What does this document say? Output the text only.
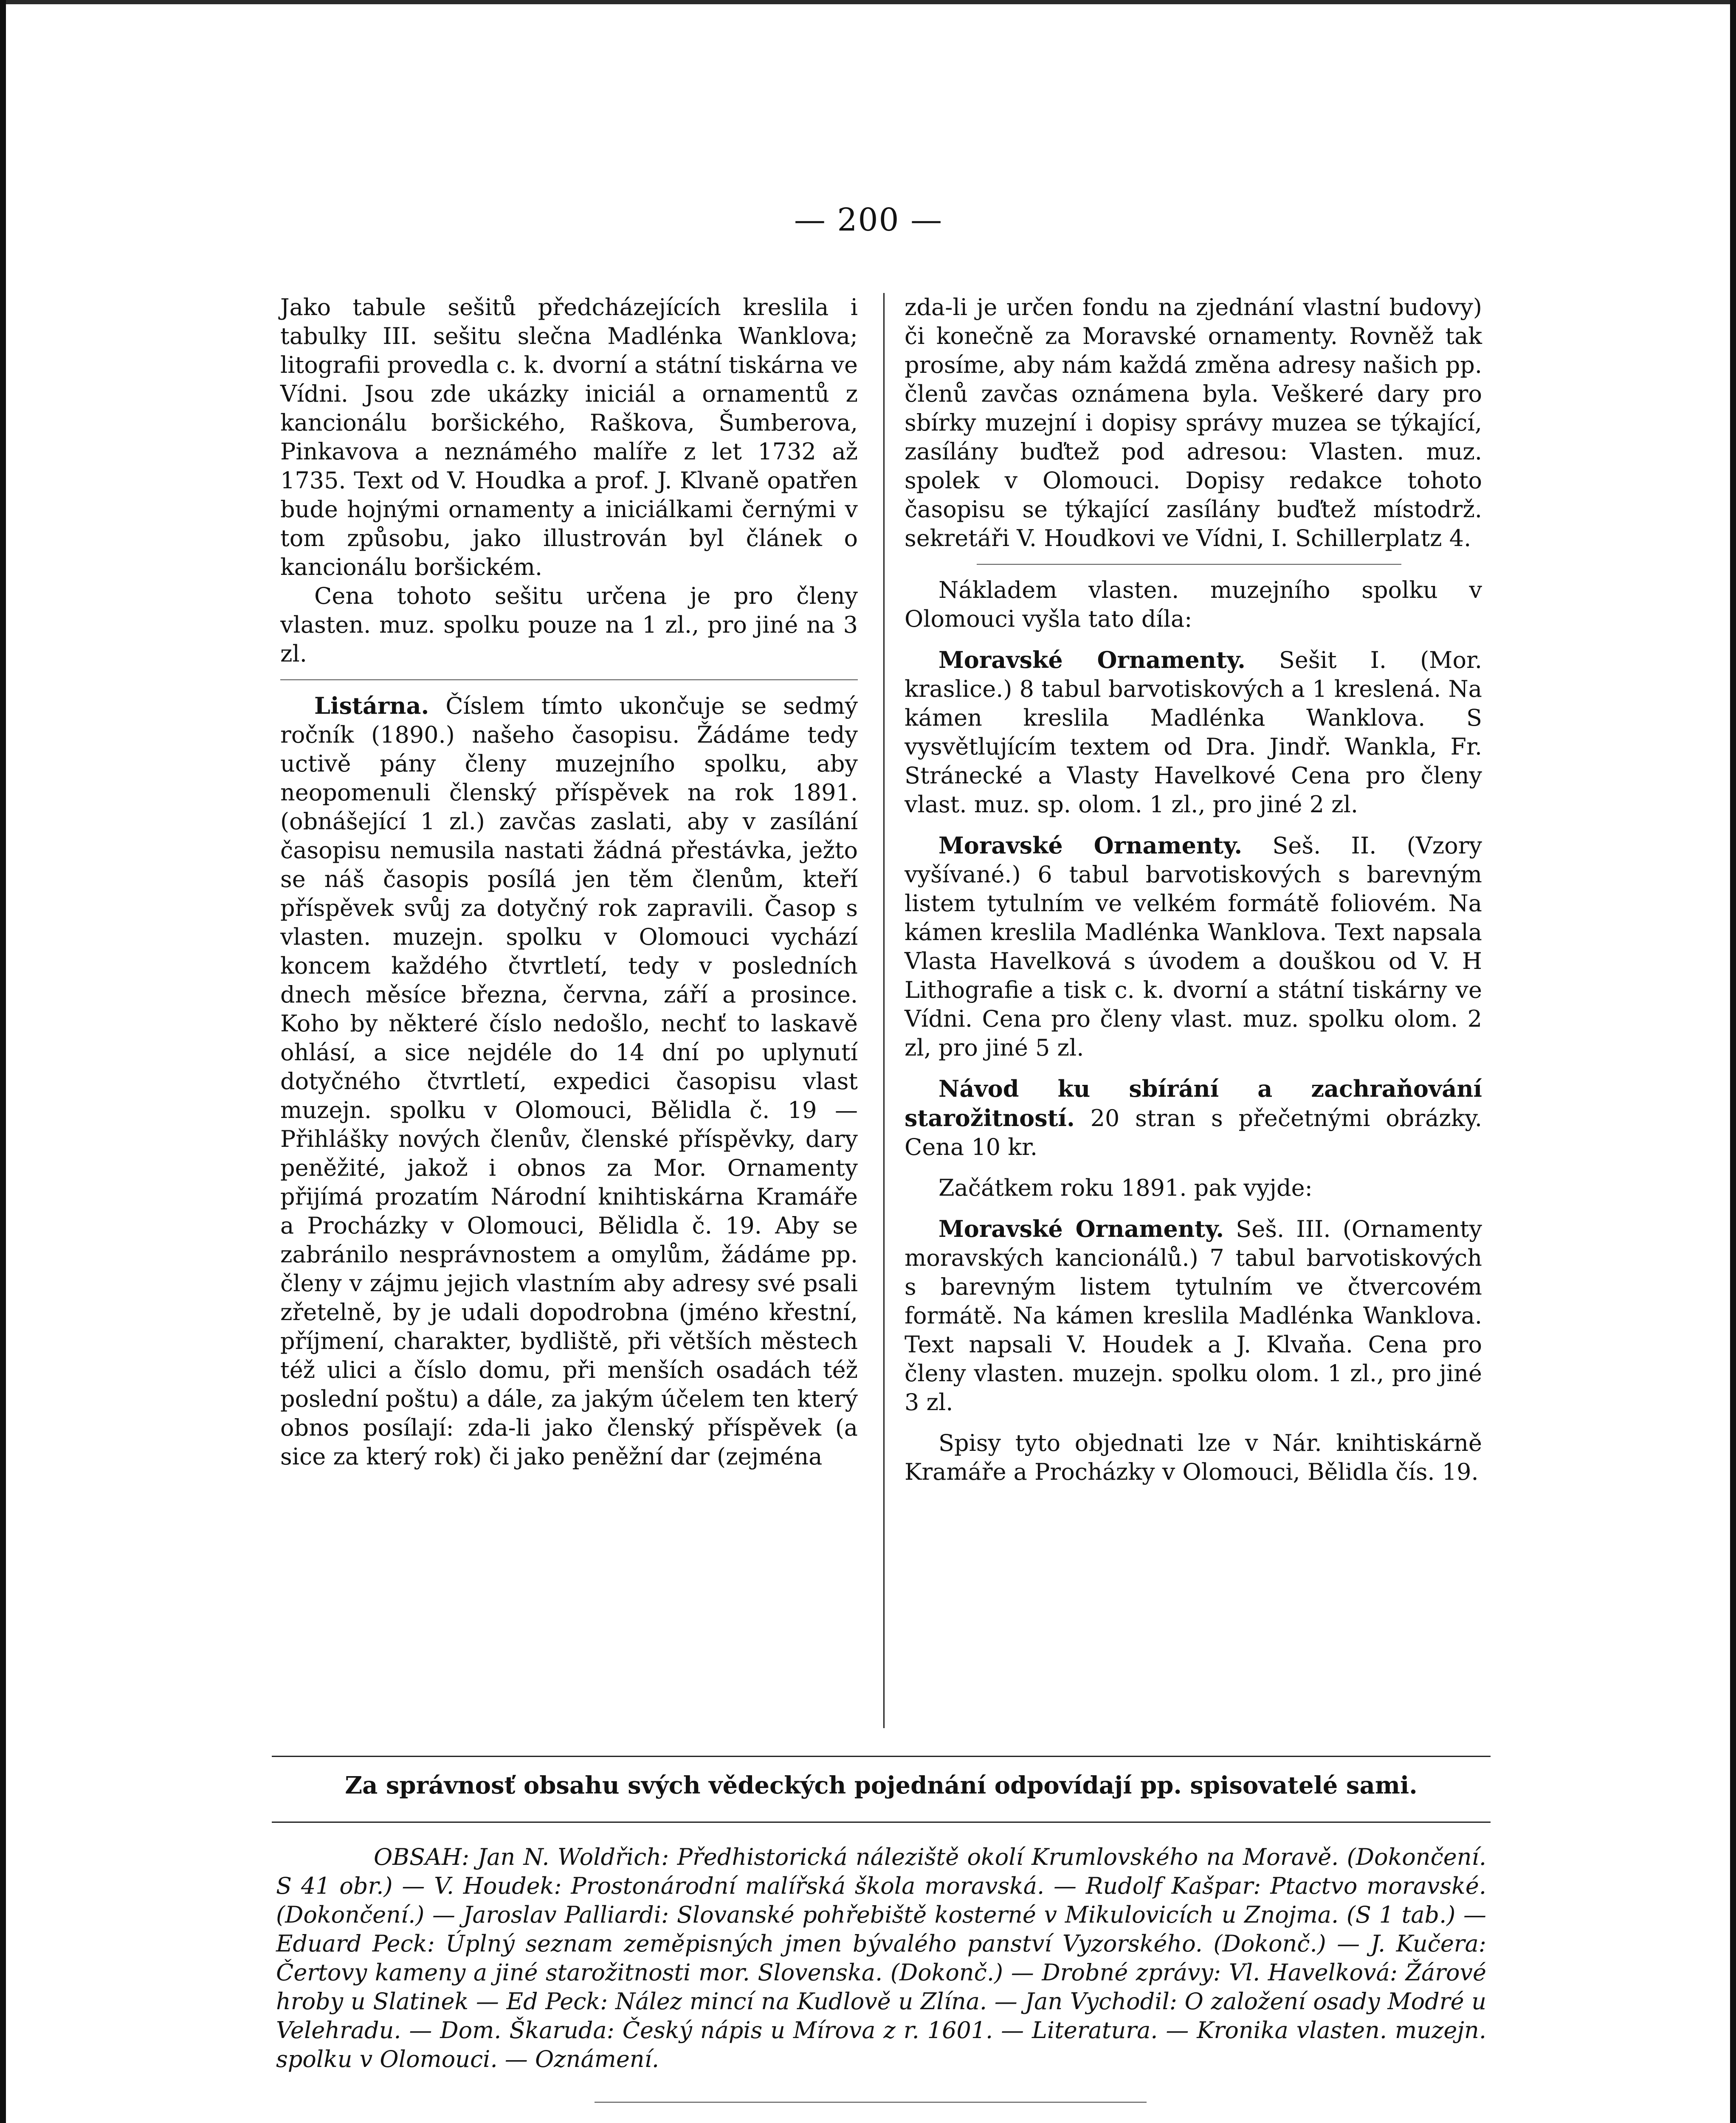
— 200 —

Jako tabule sešitů předcházejících kreslila i tabulky III. sešitu slečna Madlénka Wanklova; litografii provedla c. k. dvorní a státní tiskárna ve Vídni. Jsou zde ukázky iniciál a ornamentů z kancionálu boršického, Raškova, Šumberova, Pinkavova a neznámého malíře z let 1732 až 1735. Text od V. Houdka a prof. J. Klvaně opatřen bude hojnými ornamenty a iniciálkami černými v tom způsobu, jako illustrován byl článek o kancionálu boršickém.

Cena tohoto sešitu určena je pro členy vlasten. muz. spolku pouze na 1 zl., pro jiné na 3 zl.

Listárna. Číslem tímto ukončuje se sedmý ročník (1890.) našeho časopisu. Žádáme tedy uctivě pány členy muzejního spolku, aby neopomenuli členský příspěvek na rok 1891. (obnášející 1 zl.) zavčas zaslati, aby v zasílání časopisu nemusila nastati žádná přestávka, ježto se náš časopis posílá jen těm členům, kteří příspěvek svůj za dotyčný rok zapravili. Časop s vlasten. muzejn. spolku v Olomouci vychází koncem každého čtvrtletí, tedy v posledních dnech měsíce března, června, září a prosince. Koho by některé číslo nedošlo, nechť to laskavě ohlásí, a sice nejdéle do 14 dní po uplynutí dotyčného čtvrtletí, expedici časopisu vlast muzejn. spolku v Olomouci, Bělidla č. 19 — Přihlášky nových členův, členské příspěvky, dary peněžité, jakož i obnos za Mor. Ornamenty přijímá prozatím Národní knihtiskárna Kramáře a Procházky v Olomouci, Bělidla č. 19. Aby se zabránilo nesprávnostem a omylům, žádáme pp. členy v zájmu jejich vlastním aby adresy své psali zřetelně, by je udali dopodrobna (jméno křestní, příjmení, charakter, bydliště, při větších městech též ulici a číslo domu, při menších osadách též poslední poštu) a dále, za jakým účelem ten který obnos posílají: zda-li jako členský příspěvek (a sice za který rok) či jako peněžní dar (zejména

zda-li je určen fondu na zjednání vlastní budovy) či konečně za Moravské ornamenty. Rovněž tak prosíme, aby nám každá změna adresy našich pp. členů zavčas oznámena byla. Veškeré dary pro sbírky muzejní i dopisy správy muzea se týkající, zasílány buďtež pod adresou: Vlasten. muz. spolek v Olomouci. Dopisy redakce tohoto časopisu se týkající zasílány buďtež místodrž. sekretáři V. Houdkovi ve Vídni, I. Schillerplatz 4.

Nákladem vlasten. muzejního spolku v Olomouci vyšla tato díla:

Moravské Ornamenty. Sešit I. (Mor. kraslice.) 8 tabul barvotiskových a 1 kreslená. Na kámen kreslila Madlénka Wanklova. S vysvětlujícím textem od Dra. Jindř. Wankla, Fr. Stránecké a Vlasty Havelkové Cena pro členy vlast. muz. sp. olom. 1 zl., pro jiné 2 zl.

Moravské Ornamenty. Seš. II. (Vzory vyšívané.) 6 tabul barvotiskových s barevným listem tytulním ve velkém formátě foliovém. Na kámen kreslila Madlénka Wanklova. Text napsala Vlasta Havelková s úvodem a douškou od V. H Lithografie a tisk c. k. dvorní a státní tiskárny ve Vídni. Cena pro členy vlast. muz. spolku olom. 2 zl, pro jiné 5 zl.

Návod ku sbírání a zachraňování starožitností. 20 stran s přečetnými obrázky. Cena 10 kr.

Začátkem roku 1891. pak vyjde:

Moravské Ornamenty. Seš. III. (Ornamenty moravských kancionálů.) 7 tabul barvotiskových s barevným listem tytulním ve čtvercovém formátě. Na kámen kreslila Madlénka Wanklova. Text napsali V. Houdek a J. Klvaňa. Cena pro členy vlasten. muzejn. spolku olom. 1 zl., pro jiné 3 zl.

Spisy tyto objednati lze v Nár. knihtiskárně Kramáře a Procházky v Olomouci, Bělidla čís. 19.

Za správnosť obsahu svých vědeckých pojednání odpovídají pp. spisovatelé sami.
OBSAH: Jan N. Woldřich: Předhistorická náleziště okolí Krumlovského na Moravě. (Dokončení. S 41 obr.) — V. Houdek: Prostonárodní malířská škola moravská. — Rudolf Kašpar: Ptactvo moravské. (Dokončení.) — Jaroslav Palliardi: Slovanské pohřebiště kosterné v Mikulovicích u Znojma. (S 1 tab.) — Eduard Peck: Úplný seznam zeměpisných jmen bývalého panství Vyzorského. (Dokonč.) — J. Kučera: Čertovy kameny a jiné starožitnosti mor. Slovenska. (Dokonč.) — Drobné zprávy: Vl. Havelková: Žárové hroby u Slatinek — Ed Peck: Nález mincí na Kudlově u Zlína. — Jan Vychodil: O založení osady Modré u Velehradu. — Dom. Škaruda: Český nápis u Mírova z r. 1601. — Literatura. — Kronika vlasten. muzejn. spolku v Olomouci. — Oznámení.
